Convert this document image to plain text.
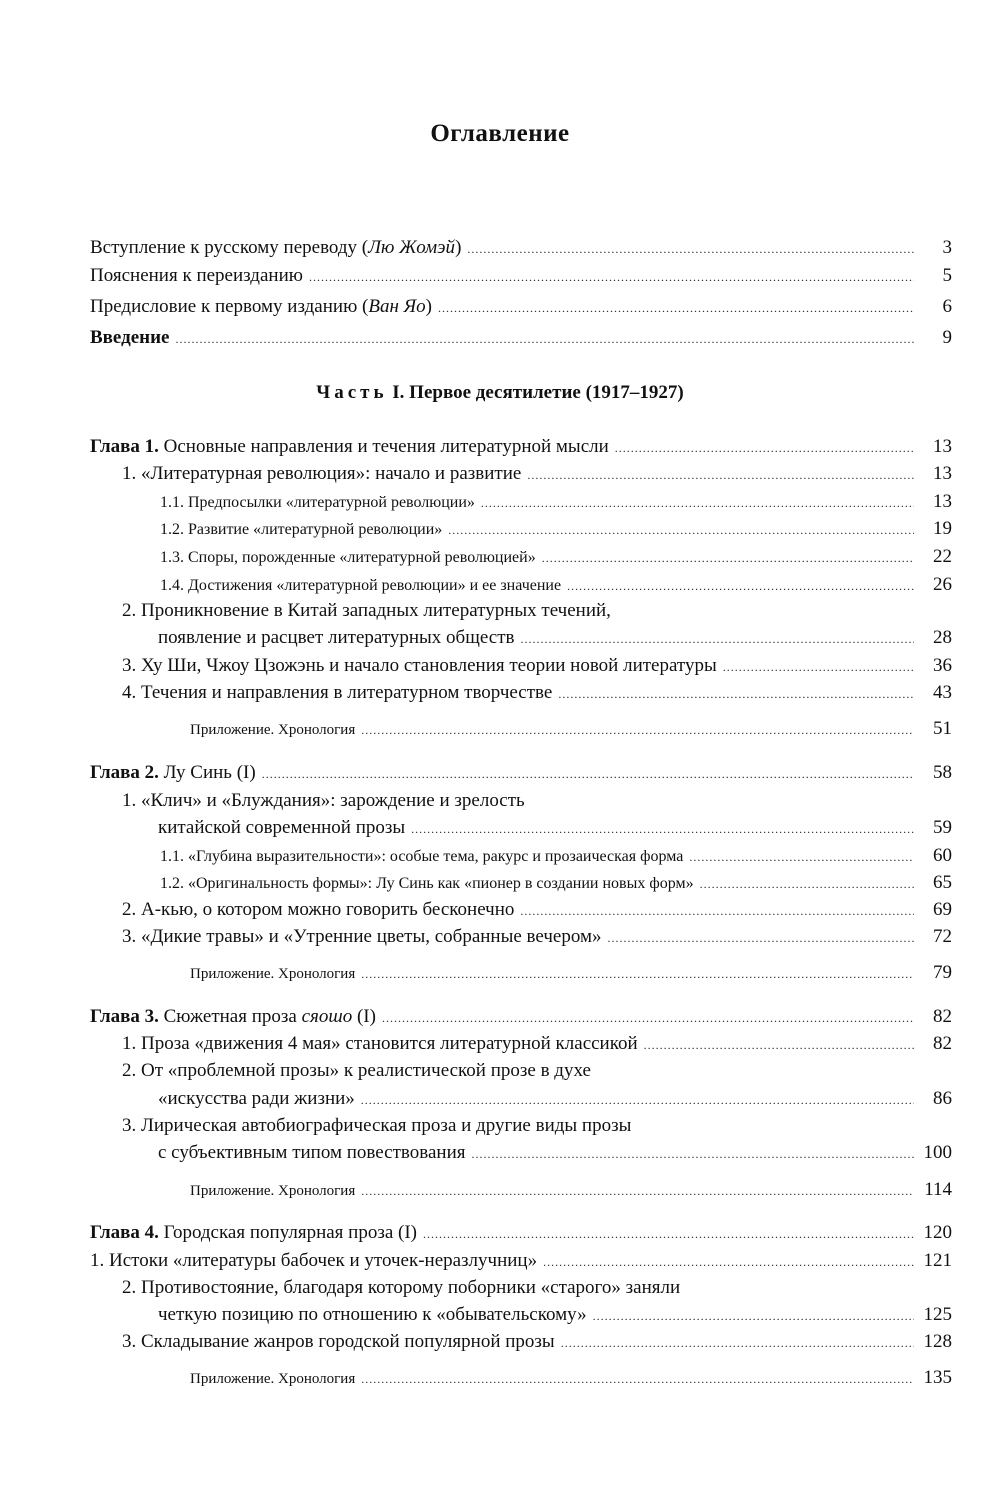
Оглавление
Вступление к русскому переводу (Лю Жомэй) .....	3
Пояснения к переизданию .....	5
Предисловие к первому изданию (Ван Яо) .....	6
Введение .....	9
Часть I. Первое десятилетие (1917–1927)
Глава 1. Основные направления и течения литературной мысли .....	13
1. «Литературная революция»: начало и развитие .....	13
1.1. Предпосылки «литературной революции» .....	13
1.2. Развитие «литературной революции» .....	19
1.3. Споры, порожденные «литературной революцией» .....	22
1.4. Достижения «литературной революции» и ее значение .....	26
2. Проникновение в Китай западных литературных течений,
появление и расцвет литературных обществ .....	28
3. Ху Ши, Чжоу Цзожэнь и начало становления теории новой литературы .....	36
4. Течения и направления в литературном творчестве .....	43
Приложение. Хронология .....	51
Глава 2. Лу Синь (I) .....	58
1. «Клич» и «Блуждания»: зарождение и зрелость
китайской современной прозы .....	59
1.1. «Глубина выразительности»: особые тема, ракурс и прозаическая форма .....	60
1.2. «Оригинальность формы»: Лу Синь как «пионер в создании новых форм» .....	65
2. А-кью, о котором можно говорить бесконечно .....	69
3. «Дикие травы» и «Утренние цветы, собранные вечером» .....	72
Приложение. Хронология .....	79
Глава 3. Сюжетная проза сяошо (I) .....	82
1. Проза «движения 4 мая» становится литературной классикой .....	82
2. От «проблемной прозы» к реалистической прозе в духе
«искусства ради жизни» .....	86
3. Лирическая автобиографическая проза и другие виды прозы
с субъективным типом повествования .....	100
Приложение. Хронология .....	114
Глава 4. Городская популярная проза (I) .....	120
1. Истоки «литературы бабочек и уточек-неразлучниц» .....	121
2. Противостояние, благодаря которому поборники «старого» заняли
четкую позицию по отношению к «обывательскому» .....	125
3. Складывание жанров городской популярной прозы .....	128
Приложение. Хронология .....	135
